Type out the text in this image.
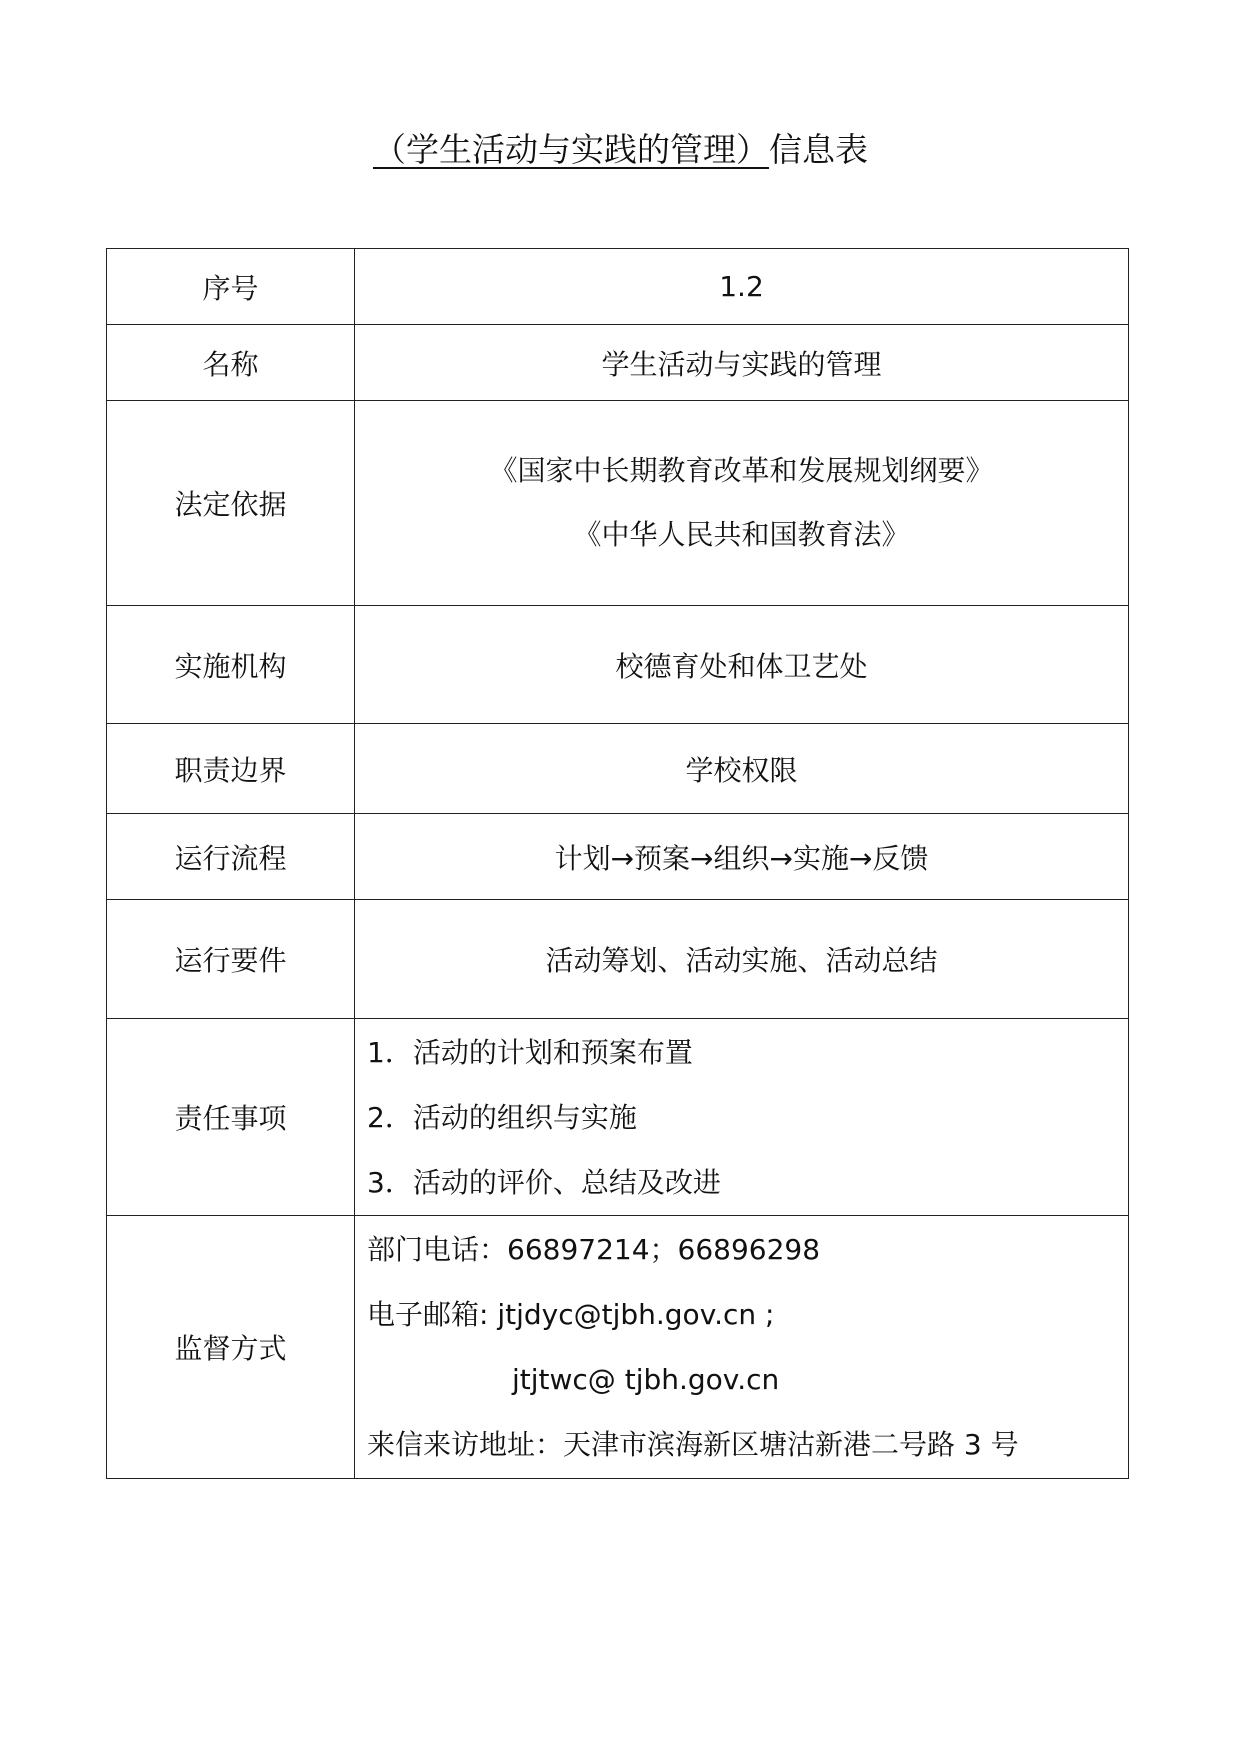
（学生活动与实践的管理）信息表
序号	1.2
名称	学生活动与实践的管理
法定依据	《国家中长期教育改革和发展规划纲要》
《中华人民共和国教育法》

实施机构	校德育处和体卫艺处
职责边界	学校权限
运行流程	计划→预案→组织→实施→反馈
运行要件	活动筹划、活动实施、活动总结
责任事项	1．活动的计划和预案布置
2．活动的组织与实施
3．活动的评价、总结及改进

监督方式	部门电话：66897214；66896298
电子邮箱: jtjdyc@tjbh.gov.cn ;
jtjtwc@ tjbh.gov.cn
来信来访地址：天津市滨海新区塘沽新港二号路 3 号
